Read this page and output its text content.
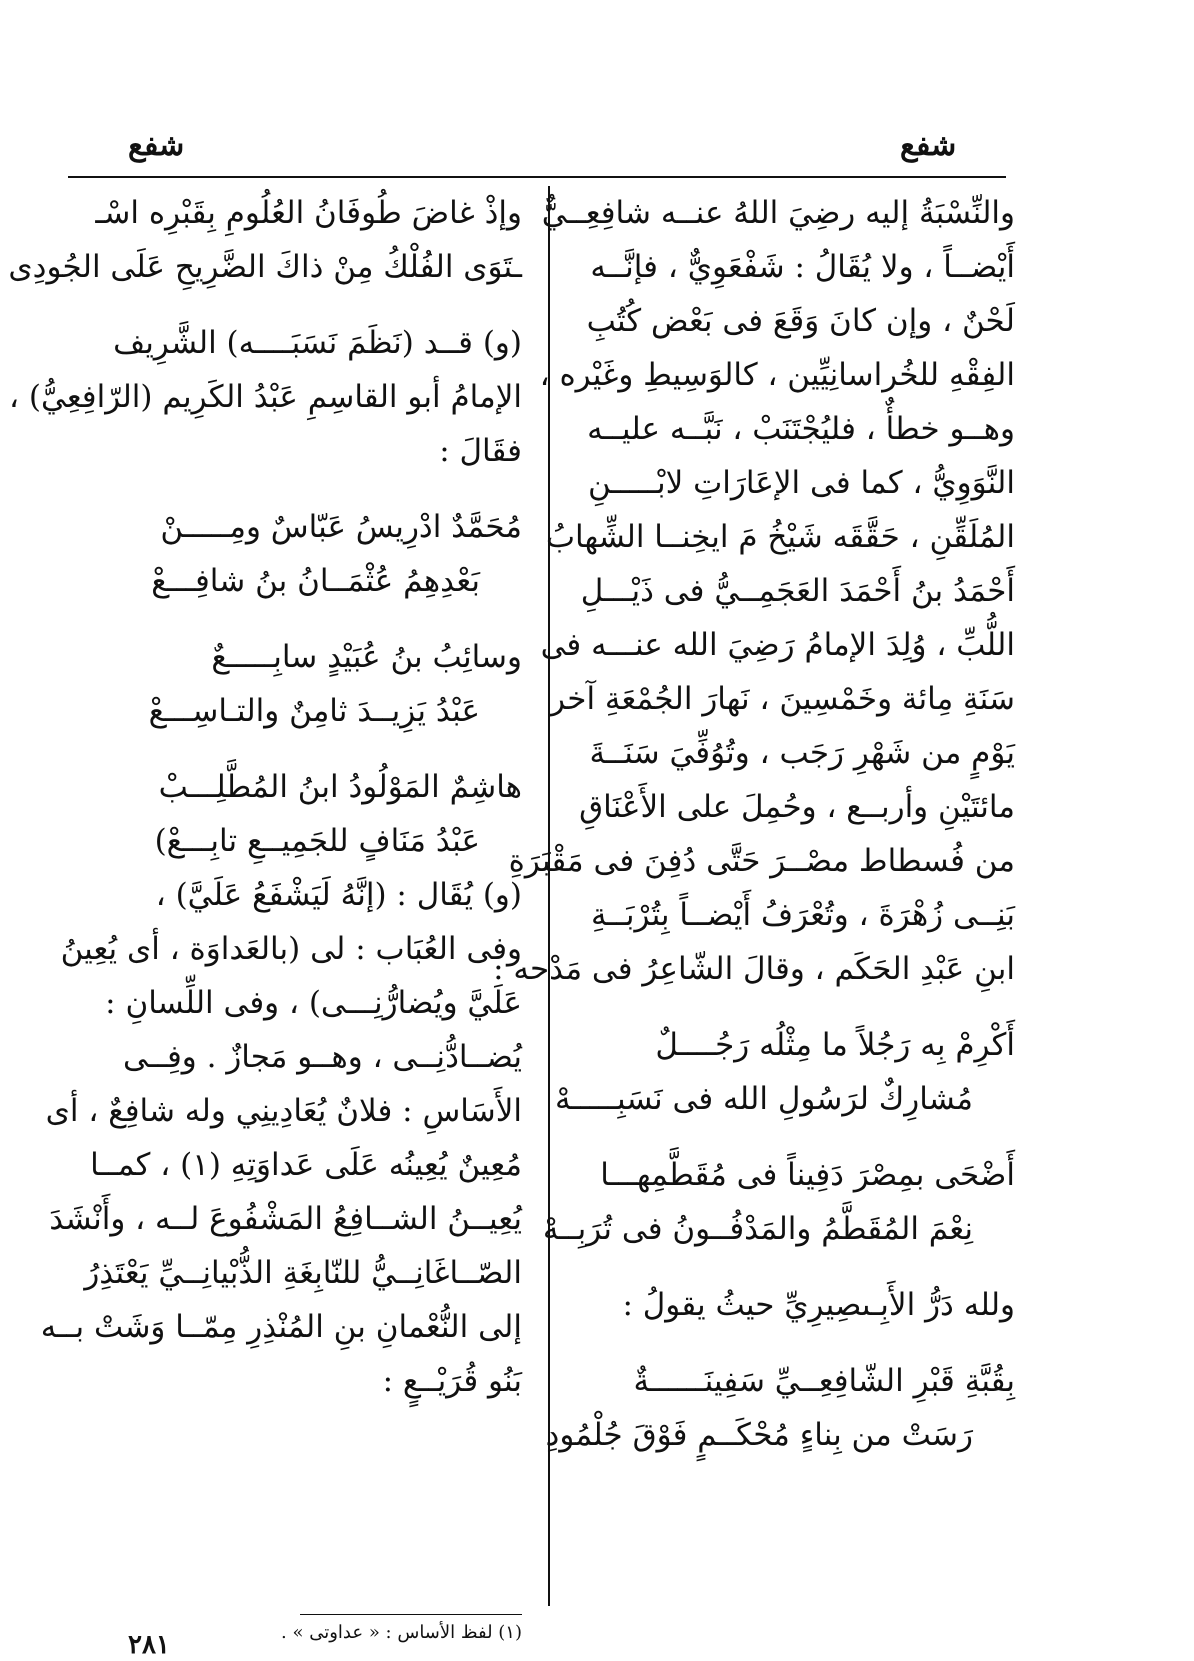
شفع	شفع
والنِّسْبَةُ إليه رضِيَ اللهُ عنــه شافِعِــيٌّ
أَيْضــاً ، ولا يُقَالُ : شَفْعَوِيٌّ ، فإنَّــه
لَحْنٌ ، وإن كانَ وَقَعَ فى بَعْض كُتُبِ
الفِقْهِ للخُراسانِيِّين ، كالوَسِيطِ وغَيْره ،
وهــو خطأٌ ، فليُجْتَنَبْ ، نَبَّــه عليــه
النَّوَوِيُّ ، كما فى الإعَارَاتِ لابْـــــنِ
المُلَقِّنِ ، حَقَّقَه شَيْخُ مَ ايخِنــا الشِّهابُ
أَحْمَدُ بنُ أَحْمَدَ العَجَمِــيُّ فى ذَيْـــلِ
اللُّبِّ ، وُلِدَ الإمامُ رَضِيَ الله عنـــه فى
سَنَةِ مِائة وخَمْسِينَ ، نَهارَ الجُمْعَةِ آخر
يَوْمٍ من شَهْرِ رَجَب ، وتُوُفِّيَ سَنَــةَ
مائتَيْنِ وأربــع ، وحُمِلَ على الأَعْنَاقِ
من فُسطاط مصْــرَ حَتَّى دُفِنَ فى مَقْبَرَةِ
بَنِــى زُهْرَةَ ، وتُعْرَفُ أَيْضــاً بِتُرْبَــةِ
ابنِ عَبْدِ الحَكَم ، وقالَ الشّاعِرُ فى مَدْحه :
أَكْرِمْ بِه رَجُلاً ما مِثْلُه رَجُــــلٌ
مُشارِكٌ لرَسُولِ الله فى نَسَبِـــــهْ
أَضْحَى بمِصْرَ دَفِيناً فى مُقَطَّمِهـــا
نِعْمَ المُقَطَّمُ والمَدْفُــونُ فى تُرَبِــهْ
ولله دَرُّ الأَبِـىصِيرِيِّ حيثُ يقولُ :
بِقُبَّةِ قَبْرِ الشّافِعِــيِّ سَفِينَــــــةٌ
رَسَتْ من بِناءٍ مُحْكَــمٍ فَوْقَ جُلْمُودِ
وإذْ غاضَ طُوفَانُ العُلُومِ بِقَبْرِه اسْـ
ـتَوَى الفُلْكُ مِنْ ذاكَ الضَّرِيحِ عَلَى الجُودِى
(و) قــد (نَظَمَ نَسَبَــــه) الشَّرِيف
الإمامُ أبو القاسِمِ عَبْدُ الكَرِيم (الرّافِعِيُّ) ،
فقَالَ :
مُحَمَّدٌ ادْرِيسُ عَبّاسٌ ومِـــــنْ
بَعْدِهِمُ عُثْمَــانُ بنُ شافِـــعْ
وسائِبُ بنُ عُبَيْدٍ سابِـــــعٌ
عَبْدُ يَزِيــدَ ثامِنٌ والتـاسِـــعْ
هاشِمٌ المَوْلُودُ ابنُ المُطَّلِـــبْ
عَبْدُ مَنَافٍ للجَمِيــعِ تابِـــعْ)
(و) يُقَال : (إنَّهُ لَيَشْفَعُ عَلَيَّ) ،
وفى العُبَاب : لى (بالعَداوَة ، أى يُعِينُ
عَلَيَّ ويُضارُّنِـــى) ، وفى اللِّسانِ :
يُضــادُّنِــى ، وهــو مَجازٌ . وفِــى
الأَسَاسِ : فلانٌ يُعَادِينِي وله شافِعٌ ، أى
مُعِينٌ يُعِينُه عَلَى عَداوَتِهِ (١) ، كمــا
يُعِيــنُ الشــافِعُ المَشْفُوعَ لــه ، وأَنْشَدَ
الصّــاغَانِــيُّ للنّابِغَةِ الذُّبْيانِــيِّ يَعْتَذِرُ
إلى النُّعْمانِ بنِ المُنْذِرِ مِمّــا وَشَتْ بــه
بَنُو قُرَيْــعٍ :
(١) لفظ الأساس : « عداوتى » .
٢٨١
